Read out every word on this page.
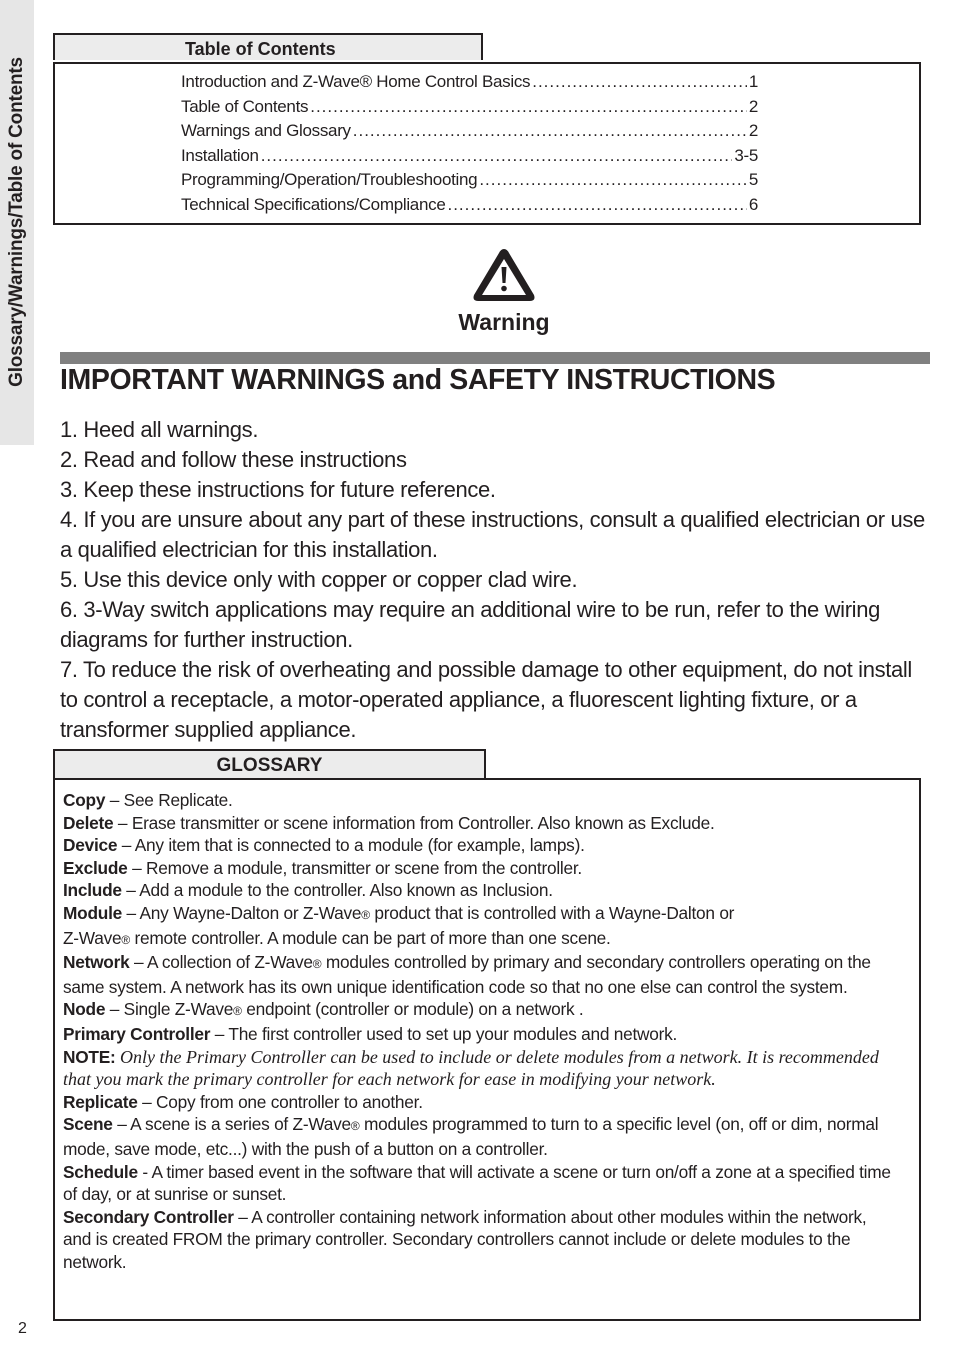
Glossary/Warnings/Table of Contents
Table of Contents
Introduction and Z-Wave® Home Control Basics .....	1
Table of Contents .....	2
Warnings and Glossary .....	2
Installation .....	3-5
Programming/Operation/Troubleshooting .....	5
Technical Specifications/Compliance .....	6
Warning
IMPORTANT WARNINGS and SAFETY INSTRUCTIONS
1. Heed all warnings.
2. Read and follow these instructions
3. Keep these instructions for future reference.
4. If you are unsure about any part of these instructions, consult a qualified electrician or use a qualified electrician for this installation.
5. Use this device only with copper or copper clad wire.
6. 3-Way switch applications may require an additional wire to be run, refer to the wiring diagrams for further instruction.
7. To reduce the risk of overheating and possible damage to other equipment, do not install to control a receptacle, a motor-operated appliance, a fluorescent lighting fixture, or a transformer supplied appliance.
GLOSSARY
Copy – See Replicate.
Delete – Erase transmitter or scene information from Controller. Also known as Exclude.
Device – Any item that is connected to a module (for example, lamps).
Exclude – Remove a module, transmitter or scene from the controller.
Include – Add a module to the controller. Also known as Inclusion.
Module – Any Wayne-Dalton or Z-Wave® product that is controlled with a Wayne-Dalton or
Z-Wave® remote controller. A module can be part of more than one scene.
Network – A collection of Z-Wave® modules controlled by primary and secondary controllers operating on the same system. A network has its own unique identification code so that no one else can control the system.
Node – Single Z-Wave® endpoint (controller or module) on a network .
Primary Controller – The first controller used to set up your modules and network.
NOTE: Only the Primary Controller can be used to include or delete modules from a network. It is recommended that you mark the primary controller for each network for ease in modifying your network.
Replicate – Copy from one controller to another.
Scene – A scene is a series of Z-Wave® modules programmed to turn to a specific level (on, off or dim, normal mode, save mode, etc...) with the push of a button on a controller.
Schedule - A timer based event in the software that will activate a scene or turn on/off a zone at a specified time of day, or at sunrise or sunset.
Secondary Controller – A controller containing network information about other modules within the network, and is created FROM the primary controller. Secondary controllers cannot include or delete modules to the network.
2
